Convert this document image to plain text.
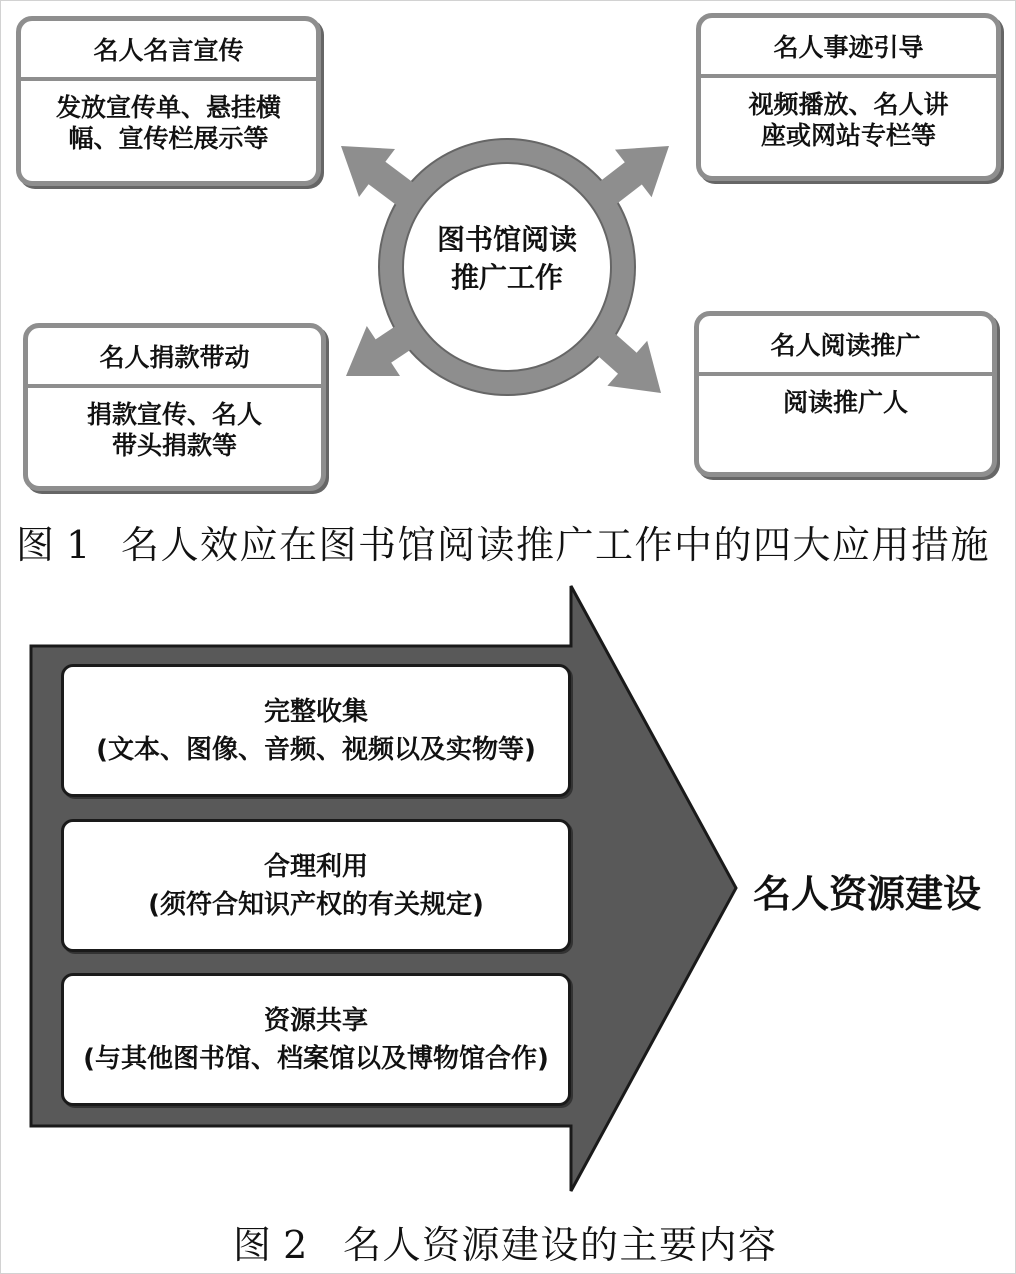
图书馆阅读
推广工作
名人名言宣传
发放宣传单、悬挂横
幅、宣传栏展示等
名人事迹引导
视频播放、名人讲
座或网站专栏等
名人捐款带动
捐款宣传、名人
带头捐款等
名人阅读推广
阅读推广人
图 1 名人效应在图书馆阅读推广工作中的四大应用措施
完整收集
(文本、图像、音频、视频以及实物等)
合理利用
(须符合知识产权的有关规定)
资源共享
(与其他图书馆、档案馆以及博物馆合作)
名人资源建设
图 2 名人资源建设的主要内容
